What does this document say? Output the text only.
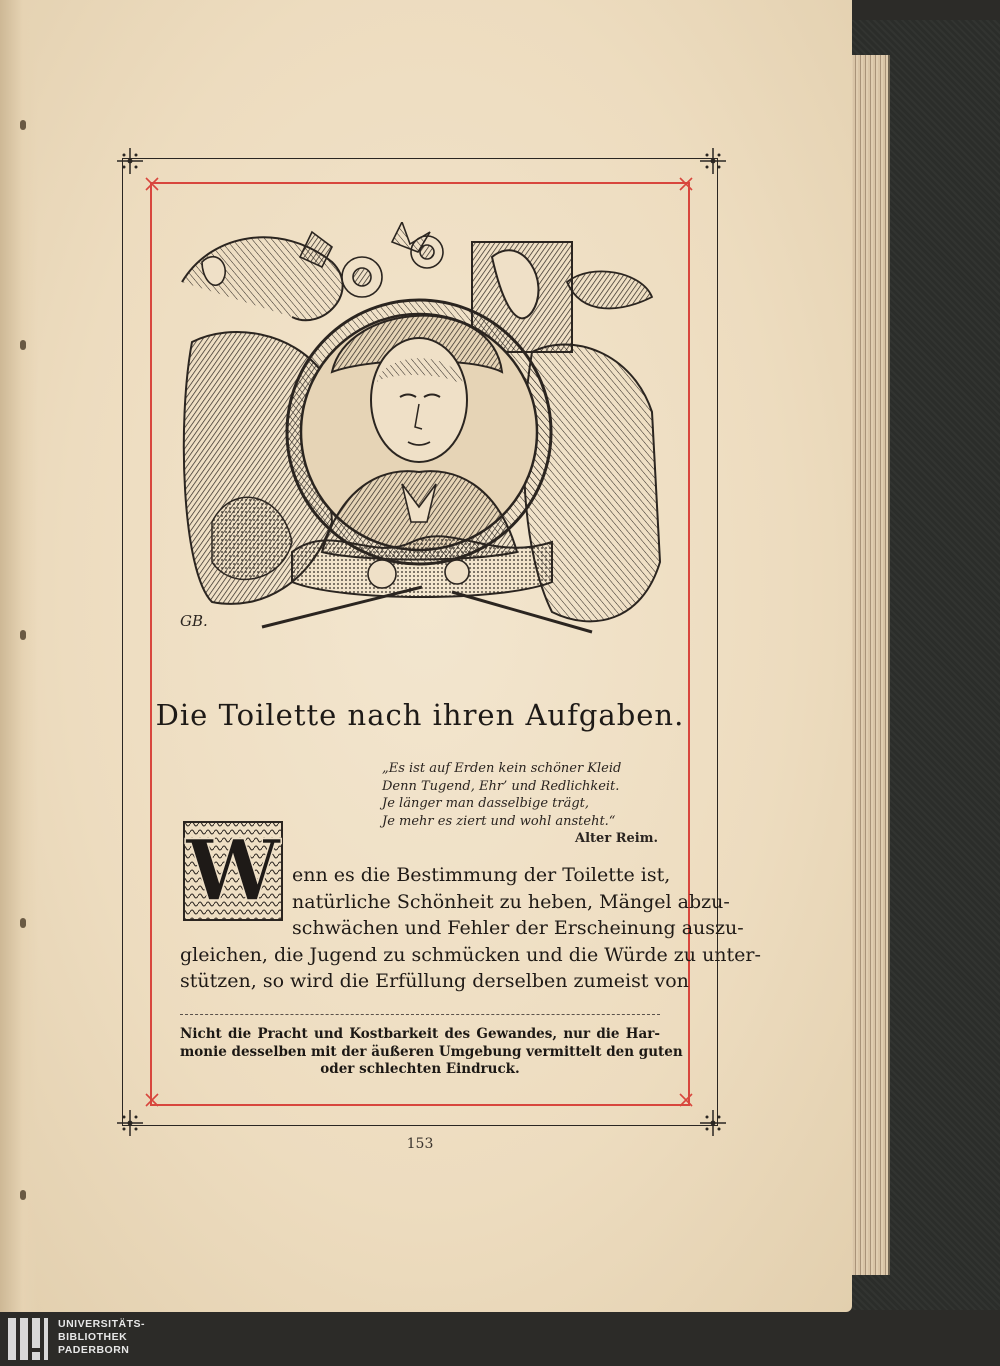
GB.
Die Toilette nach ihren Aufgaben.
„Es ist auf Erden kein schöner Kleid
Denn Tugend, Ehr’ und Redlichkeit.
Je länger man dasselbige trägt,
Je mehr es ziert und wohl ansteht.“
Alter Reim.
W enn es die Bestimmung der Toilette ist,
natürliche Schönheit zu heben, Mängel abzu-
schwächen und Fehler der Erscheinung auszu-
gleichen, die Jugend zu schmücken und die Würde zu unter-
stützen, so wird die Erfüllung derselben zumeist von
Nicht die Pracht und Kostbarkeit des Gewandes, nur die Har-
monie desselben mit der äußeren Umgebung vermittelt den guten
oder schlechten Eindruck.
153
UNIVERSITÄTS-
BIBLIOTHEK
PADERBORN
